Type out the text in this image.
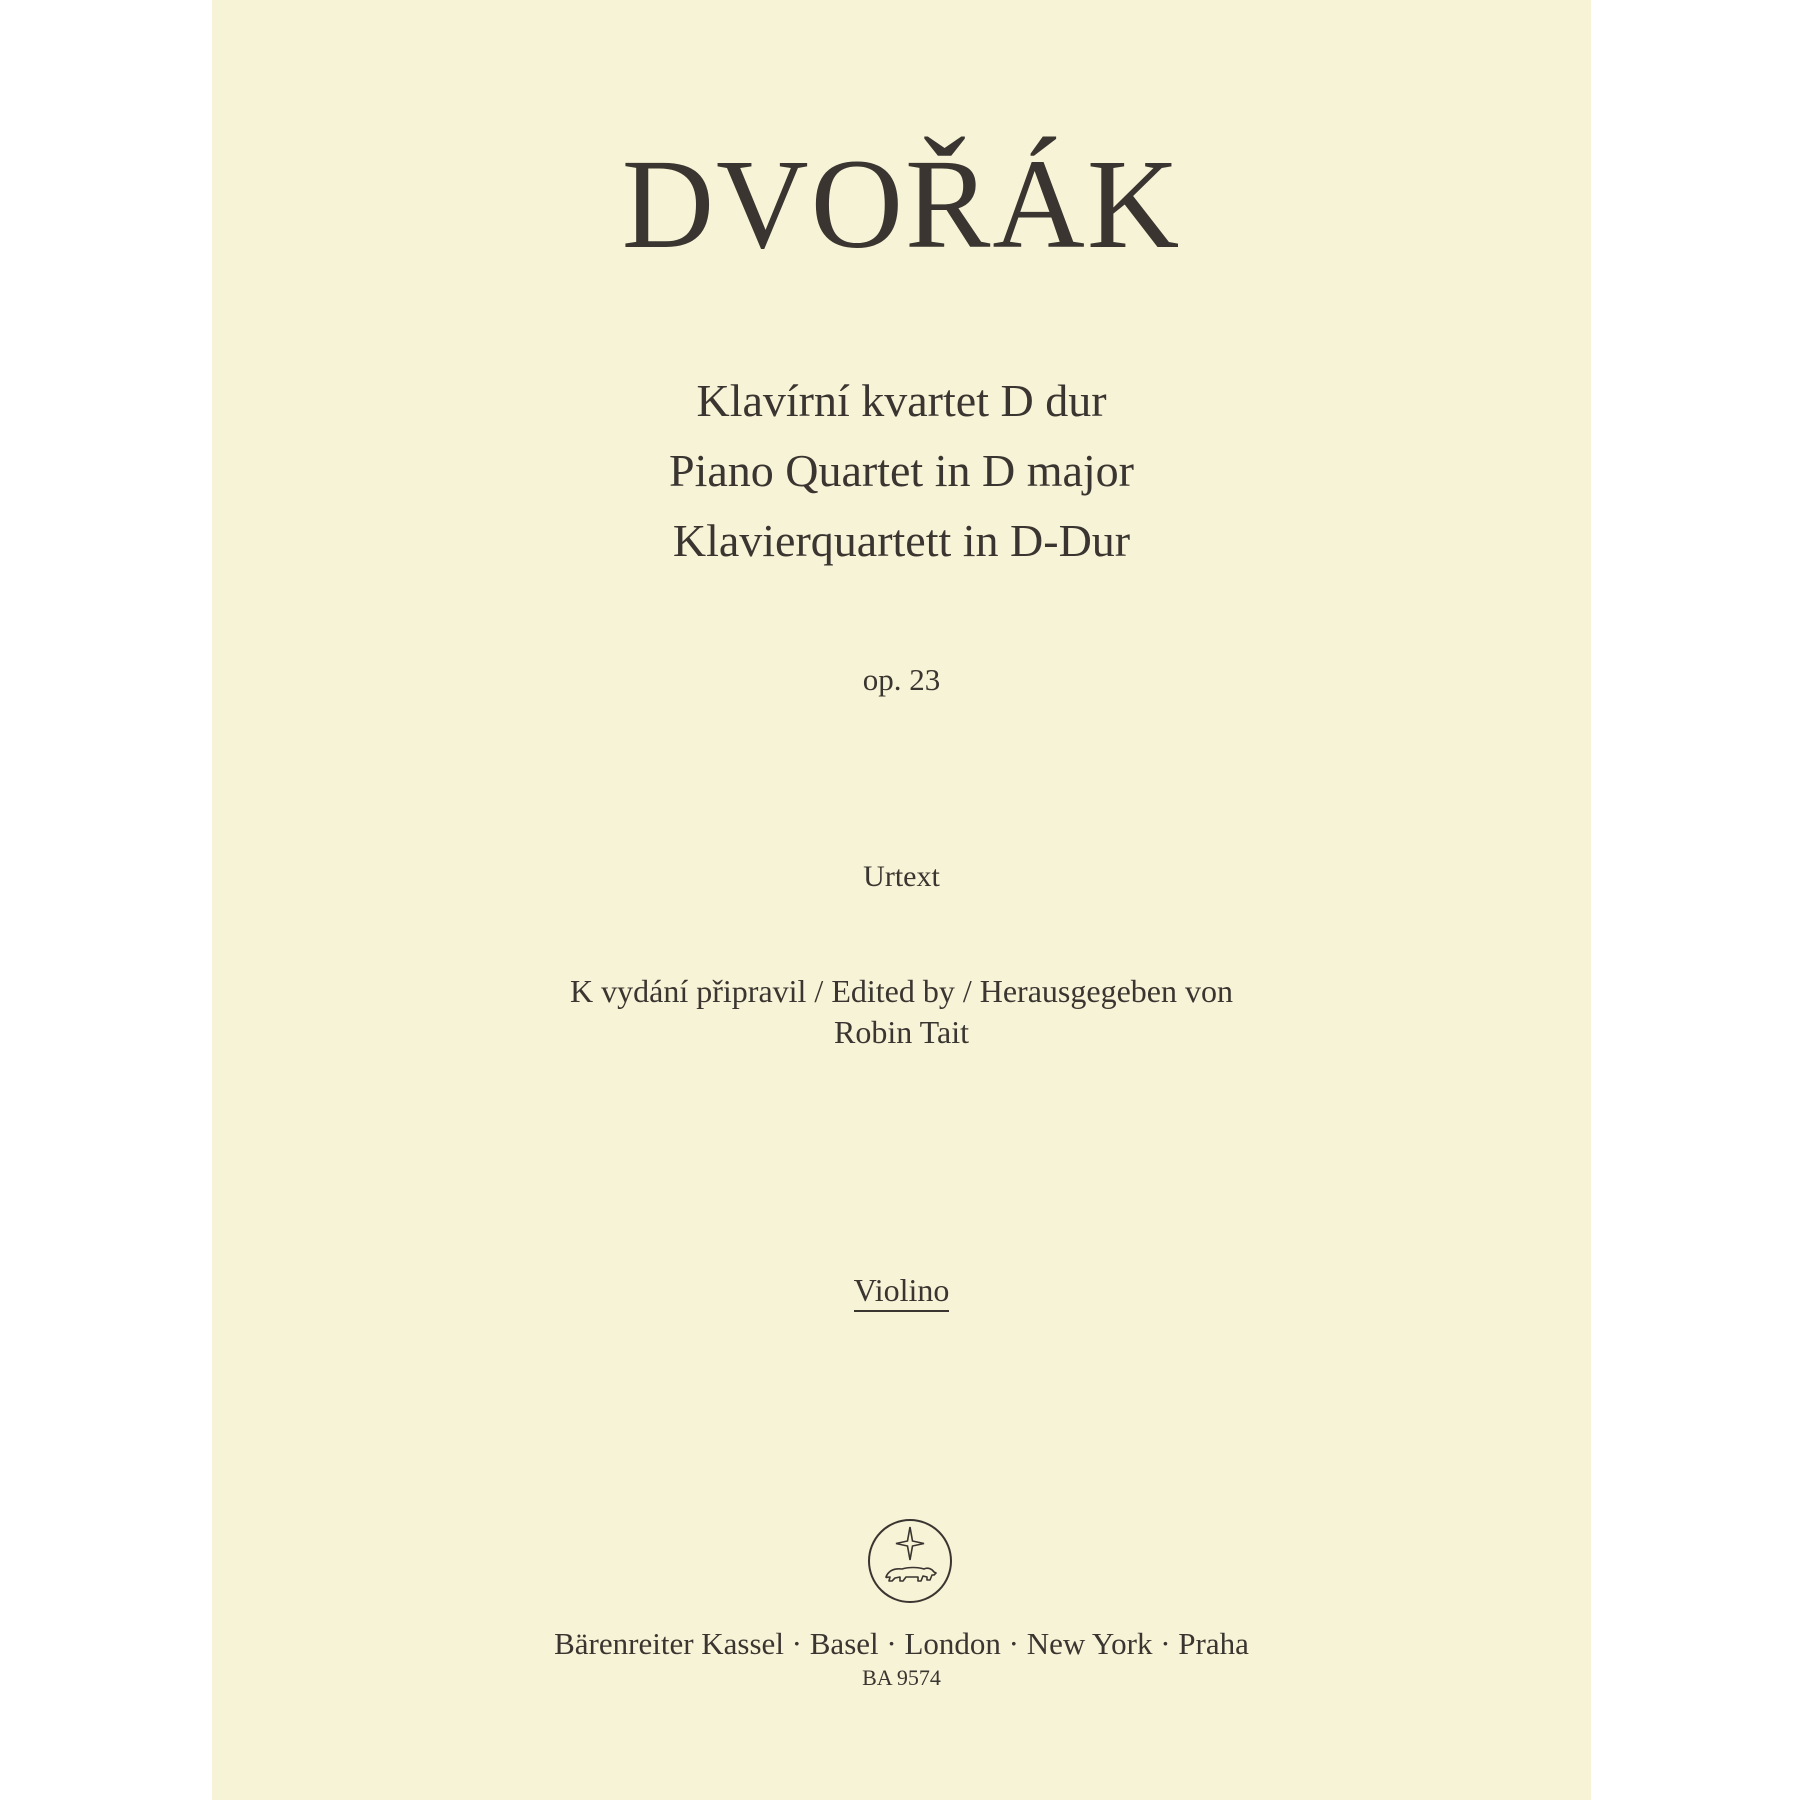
DVOŘÁK
Klavírní kvartet D dur
Piano Quartet in D major
Klavierquartett in D-Dur
op. 23
Urtext
K vydání připravil / Edited by / Herausgegeben von
Robin Tait
Violino
Bärenreiter Kassel · Basel · London · New York · Praha
BA 9574
